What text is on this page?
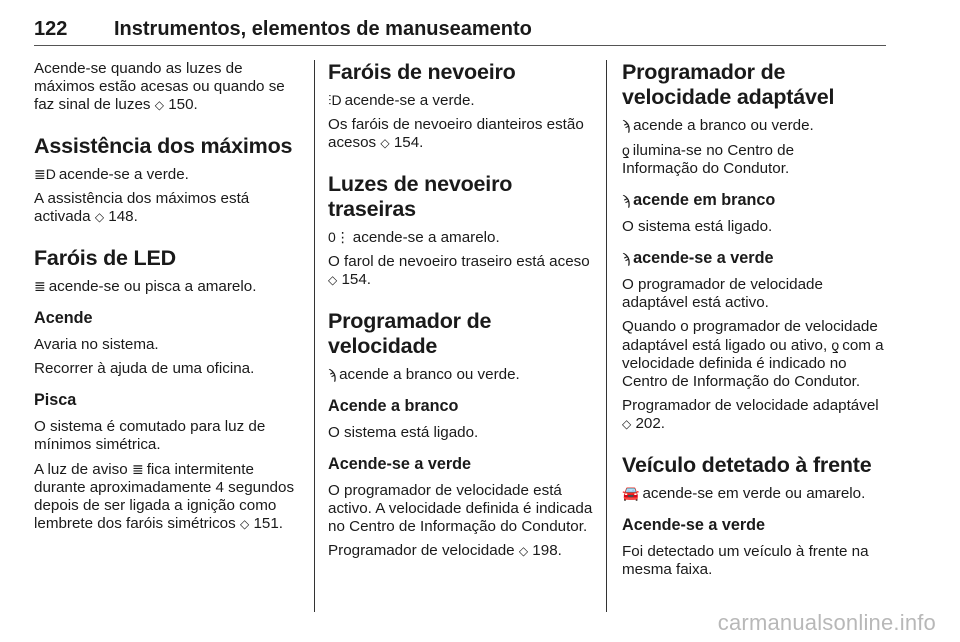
122 Instrumentos, elementos de manuseamento

Acende-se quando as luzes de máximos estão acesas ou quando se faz sinal de luzes ◇ 150.

Assistência dos máximos

≣D acende-se a verde.

A assistência dos máximos está activada ◇ 148.

Faróis de LED

≣ acende-se ou pisca a amarelo.

Acende

Avaria no sistema.

Recorrer à ajuda de uma oficina.

Pisca

O sistema é comutado para luz de mínimos simétrica.

A luz de aviso ≣ fica intermitente durante aproximadamente 4 segundos depois de ser ligada a ignição como lembrete dos faróis simétricos ◇ 151.

Faróis de nevoeiro

⫶D acende-se a verde.

Os faróis de nevoeiro dianteiros estão acesos ◇ 154.

Luzes de nevoeiro traseiras

0⋮ acende-se a amarelo.

O farol de nevoeiro traseiro está aceso ◇ 154.

Programador de velocidade

ϡ acende a branco ou verde.

Acende a branco

O sistema está ligado.

Acende-se a verde

O programador de velocidade está activo. A velocidade definida é indicada no Centro de Informação do Condutor.

Programador de velocidade ◇ 198.

Programador de velocidade adaptável

ϡ acende a branco ou verde.

ƍ ilumina-se no Centro de
Informação do Condutor.

ϡ acende em branco

O sistema está ligado.

ϡ acende-se a verde

O programador de velocidade adaptável está activo.

Quando o programador de velocidade adaptável está ligado ou ativo, ƍ com a velocidade definida é indicado no Centro de Informação do Condutor.

Programador de velocidade adaptável ◇ 202.

Veículo detetado à frente

🚘 acende-se em verde ou amarelo.

Acende-se a verde

Foi detectado um veículo à frente na mesma faixa.

carmanualsonline.info
